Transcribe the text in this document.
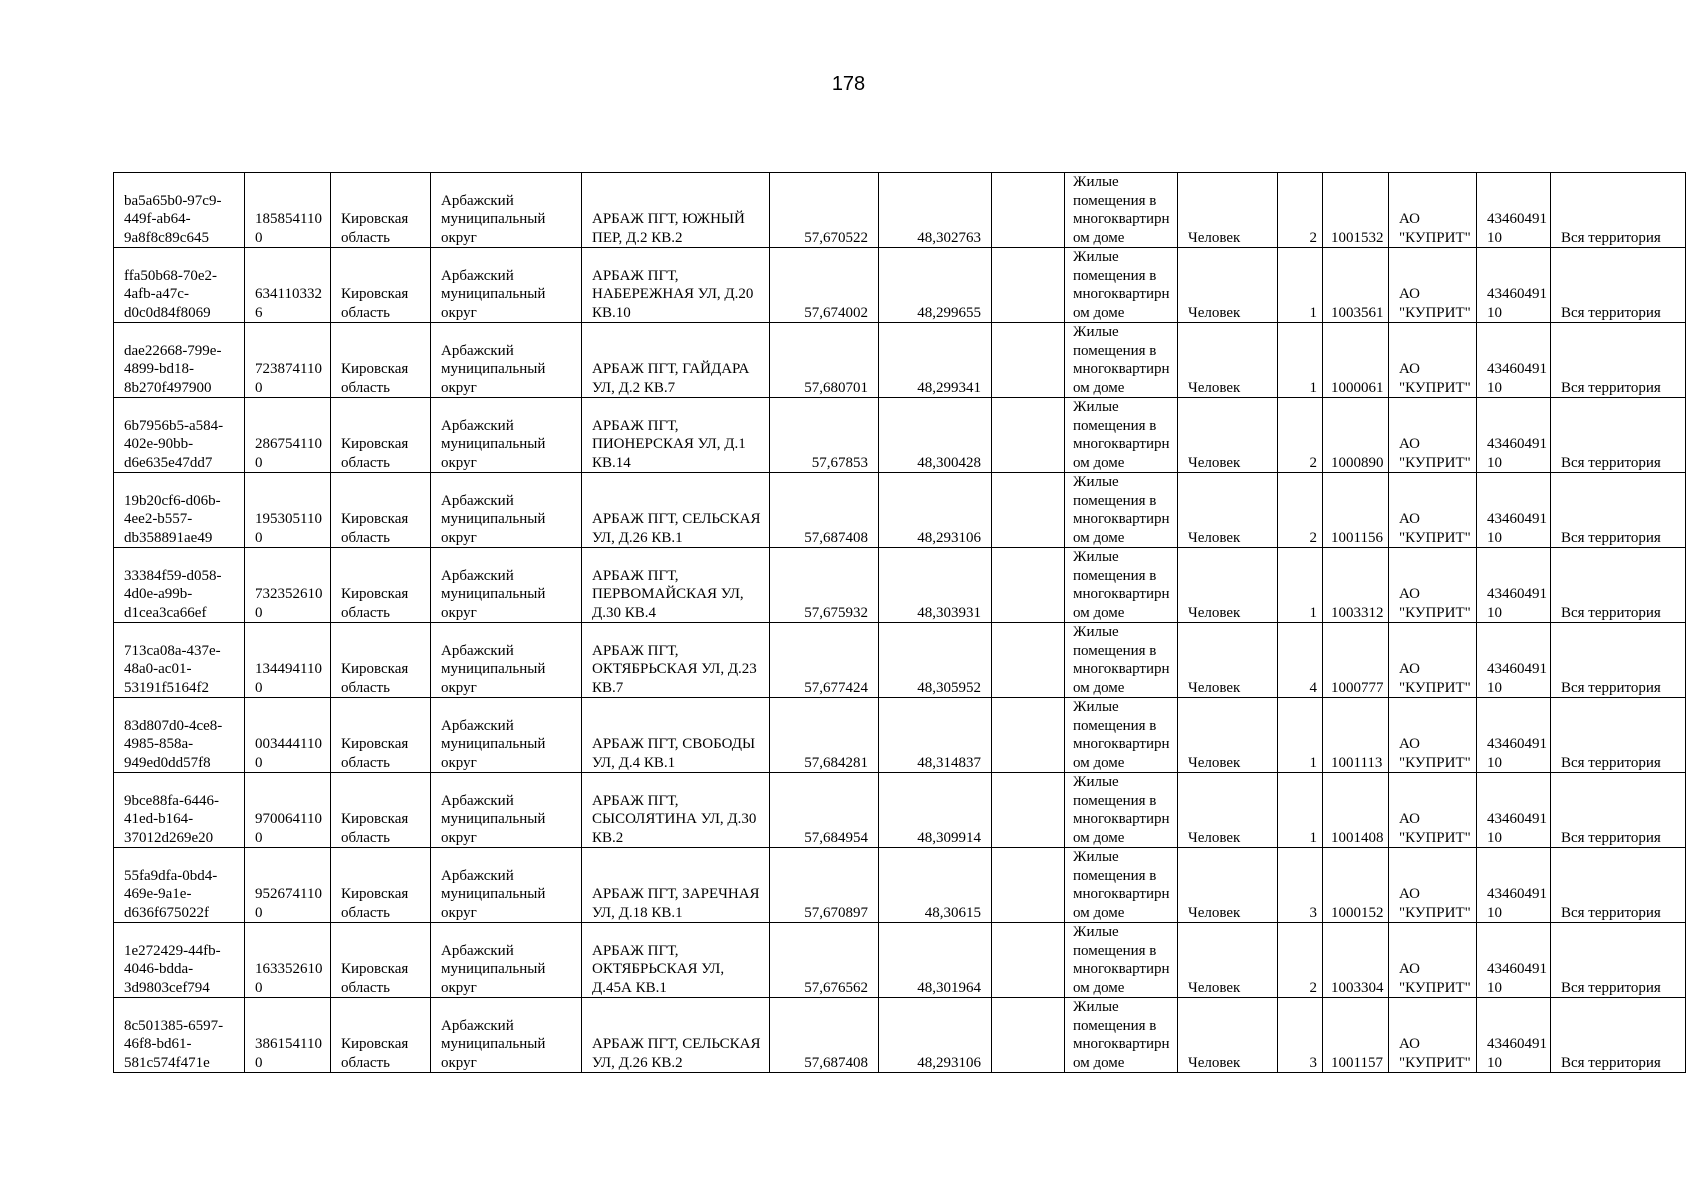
178
ba5a65b0-97c9-449f-ab64-9a8f8c89c645	1858541100	Кировская область	Арбажский муниципальный округ	АРБАЖ ПГТ, ЮЖНЫЙ ПЕР, Д.2 КВ.2	57,670522	48,302763		Жилые помещения в многоквартирном доме	Человек	2	1001532	АО "КУПРИТ"	4346049110	Вся территория
ffa50b68-70e2-4afb-a47c-d0c0d84f8069	6341103326	Кировская область	Арбажский муниципальный округ	АРБАЖ ПГТ, НАБЕРЕЖНАЯ УЛ, Д.20 КВ.10	57,674002	48,299655		Жилые помещения в многоквартирном доме	Человек	1	1003561	АО "КУПРИТ"	4346049110	Вся территория
dae22668-799e-4899-bd18-8b270f497900	7238741100	Кировская область	Арбажский муниципальный округ	АРБАЖ ПГТ, ГАЙДАРА УЛ, Д.2 КВ.7	57,680701	48,299341		Жилые помещения в многоквартирном доме	Человек	1	1000061	АО "КУПРИТ"	4346049110	Вся территория
6b7956b5-a584-402e-90bb-d6e635e47dd7	2867541100	Кировская область	Арбажский муниципальный округ	АРБАЖ ПГТ, ПИОНЕРСКАЯ УЛ, Д.1 КВ.14	57,67853	48,300428		Жилые помещения в многоквартирном доме	Человек	2	1000890	АО "КУПРИТ"	4346049110	Вся территория
19b20cf6-d06b-4ee2-b557-db358891ae49	1953051100	Кировская область	Арбажский муниципальный округ	АРБАЖ ПГТ, СЕЛЬСКАЯ УЛ, Д.26 КВ.1	57,687408	48,293106		Жилые помещения в многоквартирном доме	Человек	2	1001156	АО "КУПРИТ"	4346049110	Вся территория
33384f59-d058-4d0e-a99b-d1cea3ca66ef	7323526100	Кировская область	Арбажский муниципальный округ	АРБАЖ ПГТ, ПЕРВОМАЙСКАЯ УЛ, Д.30 КВ.4	57,675932	48,303931		Жилые помещения в многоквартирном доме	Человек	1	1003312	АО "КУПРИТ"	4346049110	Вся территория
713ca08a-437e-48a0-ac01-53191f5164f2	1344941100	Кировская область	Арбажский муниципальный округ	АРБАЖ ПГТ, ОКТЯБРЬСКАЯ УЛ, Д.23 КВ.7	57,677424	48,305952		Жилые помещения в многоквартирном доме	Человек	4	1000777	АО "КУПРИТ"	4346049110	Вся территория
83d807d0-4ce8-4985-858a-949ed0dd57f8	0034441100	Кировская область	Арбажский муниципальный округ	АРБАЖ ПГТ, СВОБОДЫ УЛ, Д.4 КВ.1	57,684281	48,314837		Жилые помещения в многоквартирном доме	Человек	1	1001113	АО "КУПРИТ"	4346049110	Вся территория
9bce88fa-6446-41ed-b164-37012d269e20	9700641100	Кировская область	Арбажский муниципальный округ	АРБАЖ ПГТ, СЫСОЛЯТИНА УЛ, Д.30 КВ.2	57,684954	48,309914		Жилые помещения в многоквартирном доме	Человек	1	1001408	АО "КУПРИТ"	4346049110	Вся территория
55fa9dfa-0bd4-469e-9a1e-d636f675022f	9526741100	Кировская область	Арбажский муниципальный округ	АРБАЖ ПГТ, ЗАРЕЧНАЯ УЛ, Д.18 КВ.1	57,670897	48,30615		Жилые помещения в многоквартирном доме	Человек	3	1000152	АО "КУПРИТ"	4346049110	Вся территория
1e272429-44fb-4046-bdda-3d9803cef794	1633526100	Кировская область	Арбажский муниципальный округ	АРБАЖ ПГТ, ОКТЯБРЬСКАЯ УЛ, Д.45А КВ.1	57,676562	48,301964		Жилые помещения в многоквартирном доме	Человек	2	1003304	АО "КУПРИТ"	4346049110	Вся территория
8c501385-6597-46f8-bd61-581c574f471e	3861541100	Кировская область	Арбажский муниципальный округ	АРБАЖ ПГТ, СЕЛЬСКАЯ УЛ, Д.26 КВ.2	57,687408	48,293106		Жилые помещения в многоквартирном доме	Человек	3	1001157	АО "КУПРИТ"	4346049110	Вся территория
